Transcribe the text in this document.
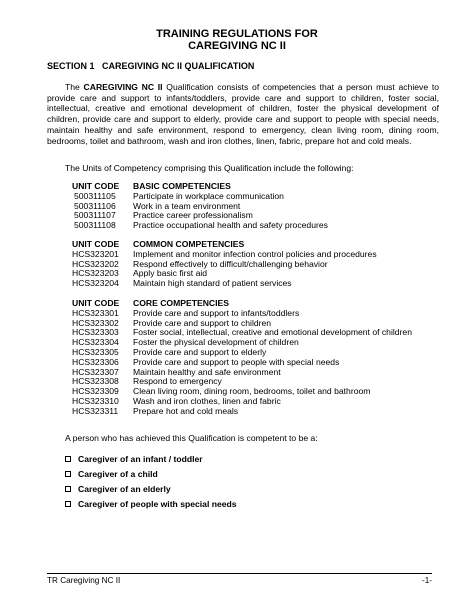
TRAINING REGULATIONS FOR
CAREGIVING NC II
SECTION 1   CAREGIVING NC II QUALIFICATION
The CAREGIVING NC II Qualification consists of competencies that a person must achieve to provide care and support to infants/toddlers, provide care and support to children, foster social, intellectual, creative and emotional development of children, foster the physical development of children, provide care and support to elderly, provide care and support to people with special needs, maintain healthy and safe environment, respond to emergency, clean living room, dining room, bedrooms, toilet and bathroom, wash and iron clothes, linen, fabric, prepare hot and cold meals.
The Units of Competency comprising this Qualification include the following:
UNIT CODE	BASIC COMPETENCIES
500311105	Participate in workplace communication
500311106	Work in a team environment
500311107	Practice career professionalism
500311108	Practice occupational health and safety procedures
UNIT CODE	COMMON COMPETENCIES
HCS323201	Implement and monitor infection control policies and procedures
HCS323202	Respond effectively to difficult/challenging behavior
HCS323203	Apply basic first aid
HCS323204	Maintain high standard of patient services
UNIT CODE	CORE COMPETENCIES
HCS323301	Provide care and support to infants/toddlers
HCS323302	Provide care and support to children
HCS323303	Foster social, intellectual, creative and emotional development of children
HCS323304	Foster the physical development of children
HCS323305	Provide care and support to elderly
HCS323306	Provide care and support to people with special needs
HCS323307	Maintain healthy and safe environment
HCS323308	Respond to emergency
HCS323309	Clean living room, dining room, bedrooms, toilet and bathroom
HCS323310	Wash and iron clothes, linen and fabric
HCS323311	Prepare hot and cold meals
A person who has achieved this Qualification is competent to be a:
Caregiver of an infant / toddler
Caregiver of a child
Caregiver of an elderly
Caregiver of people with special needs
TR Caregiving NC II	-1-
